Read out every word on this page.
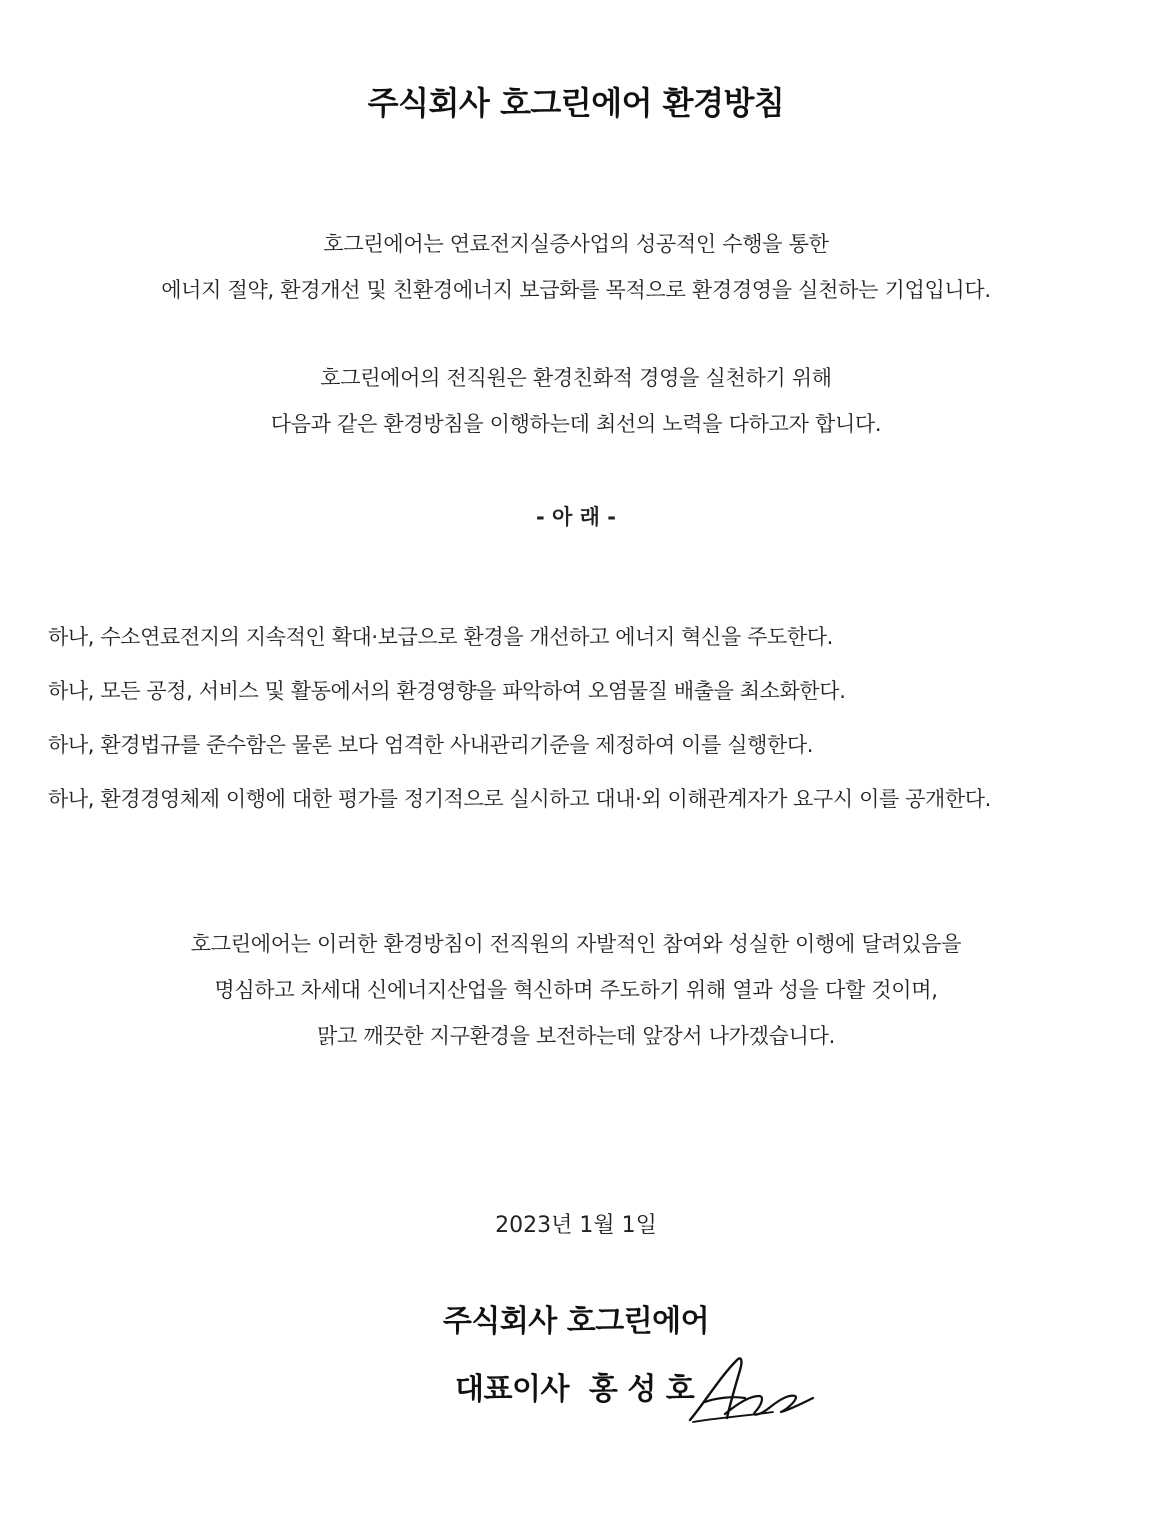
주식회사 호그린에어 환경방침
호그린에어는 연료전지실증사업의 성공적인 수행을 통한
에너지 절약, 환경개선 및 친환경에너지 보급화를 목적으로 환경경영을 실천하는 기업입니다.
호그린에어의 전직원은 환경친화적 경영을 실천하기 위해
다음과 같은 환경방침을 이행하는데 최선의 노력을 다하고자 합니다.
- 아 래 -
하나, 수소연료전지의 지속적인 확대·보급으로 환경을 개선하고 에너지 혁신을 주도한다.
하나, 모든 공정, 서비스 및 활동에서의 환경영향을 파악하여 오염물질 배출을 최소화한다.
하나, 환경법규를 준수함은 물론 보다 엄격한 사내관리기준을 제정하여 이를 실행한다.
하나, 환경경영체제 이행에 대한 평가를 정기적으로 실시하고 대내·외 이해관계자가 요구시 이를 공개한다.
호그린에어는 이러한 환경방침이 전직원의 자발적인 참여와 성실한 이행에 달려있음을
명심하고 차세대 신에너지산업을 혁신하며 주도하기 위해 열과 성을 다할 것이며,
맑고 깨끗한 지구환경을 보전하는데 앞장서 나가겠습니다.
2023년 1월 1일
주식회사 호그린에어
대표이사 홍 성 호
